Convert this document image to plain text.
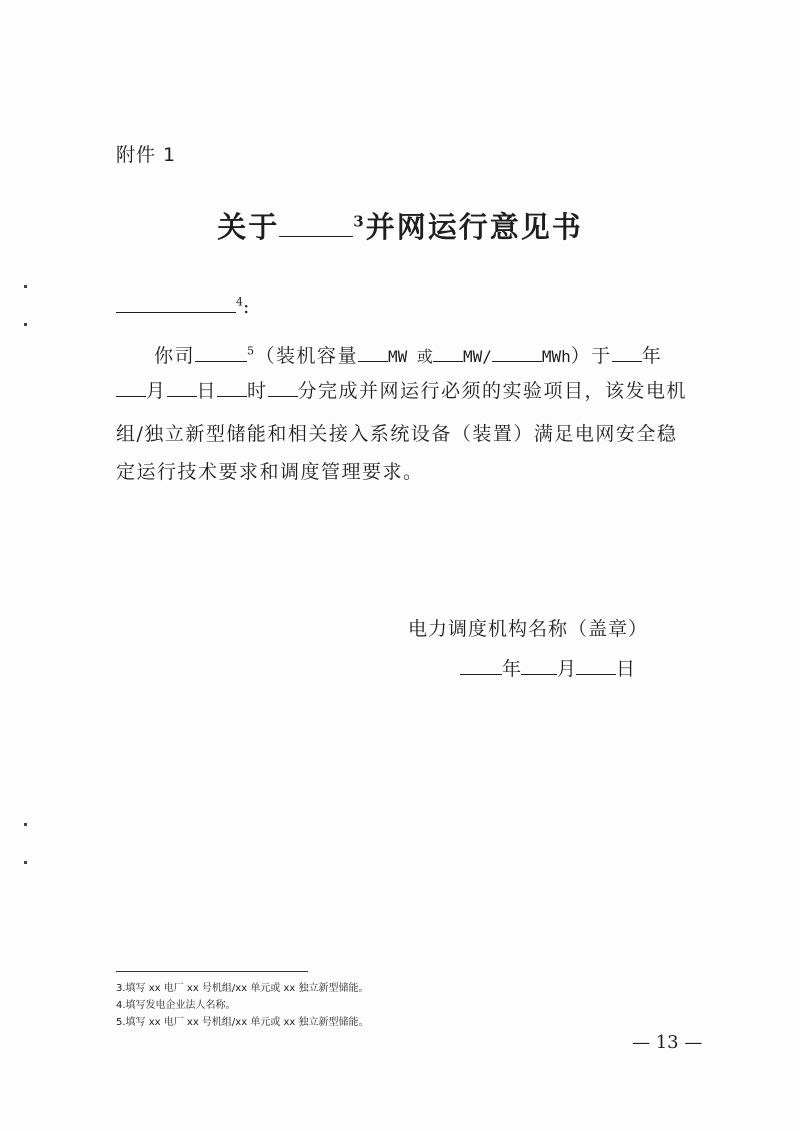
附件 1
关于	$^3$并网运行意见书
$^4$:
你司	$^5$（装机容量 MW 或 MW/	MWh）于 年
月 日 时 分完成并网运行必须的实验项目，该发电机
组/独立新型储能和相关接入系统设备（装置）满足电网安全稳
定运行技术要求和调度管理要求。
电力调度机构名称（盖章）
年 月 日
3.填写 xx 电厂 xx 号机组/xx 单元或 xx 独立新型储能。
4.填写发电企业法人名称。
5.填写 xx 电厂 xx 号机组/xx 单元或 xx 独立新型储能。
— 13 —
